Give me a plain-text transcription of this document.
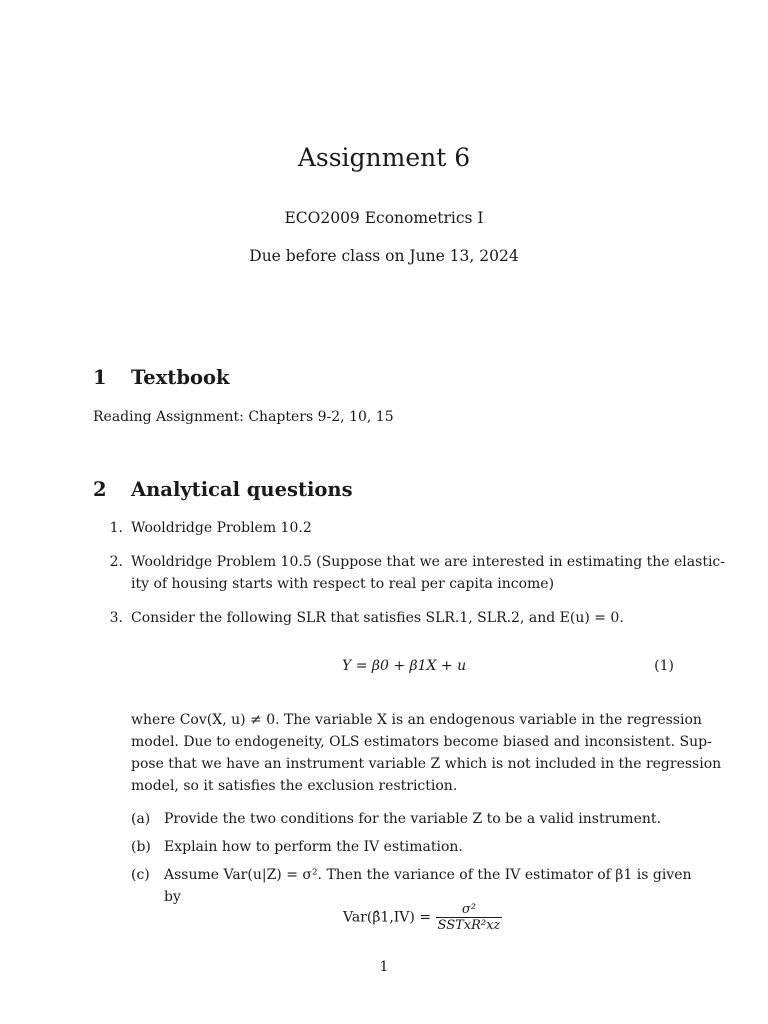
Assignment 6
ECO2009 Econometrics I
Due before class on June 13, 2024
1 Textbook
Reading Assignment: Chapters 9-2, 10, 15
2 Analytical questions
1. Wooldridge Problem 10.2
2. Wooldridge Problem 10.5 (Suppose that we are interested in estimating the elastic-
ity of housing starts with respect to real per capita income)
3. Consider the following SLR that satisfies SLR.1, SLR.2, and E(u) = 0.
Y = β0 + β1X + u	(1)
where Cov(X, u) ≠ 0. The variable X is an endogenous variable in the regression
model. Due to endogeneity, OLS estimators become biased and inconsistent. Sup-
pose that we have an instrument variable Z which is not included in the regression
model, so it satisfies the exclusion restriction.
(a) Provide the two conditions for the variable Z to be a valid instrument.
(b) Explain how to perform the IV estimation.
(c)	Assume Var(u|Z) = σ². Then the variance of the IV estimator of β1 is given
by
Var(β̂1,IV) = $\frac{\text{σ²}}{\text{SSTxR²xz}}$
1
